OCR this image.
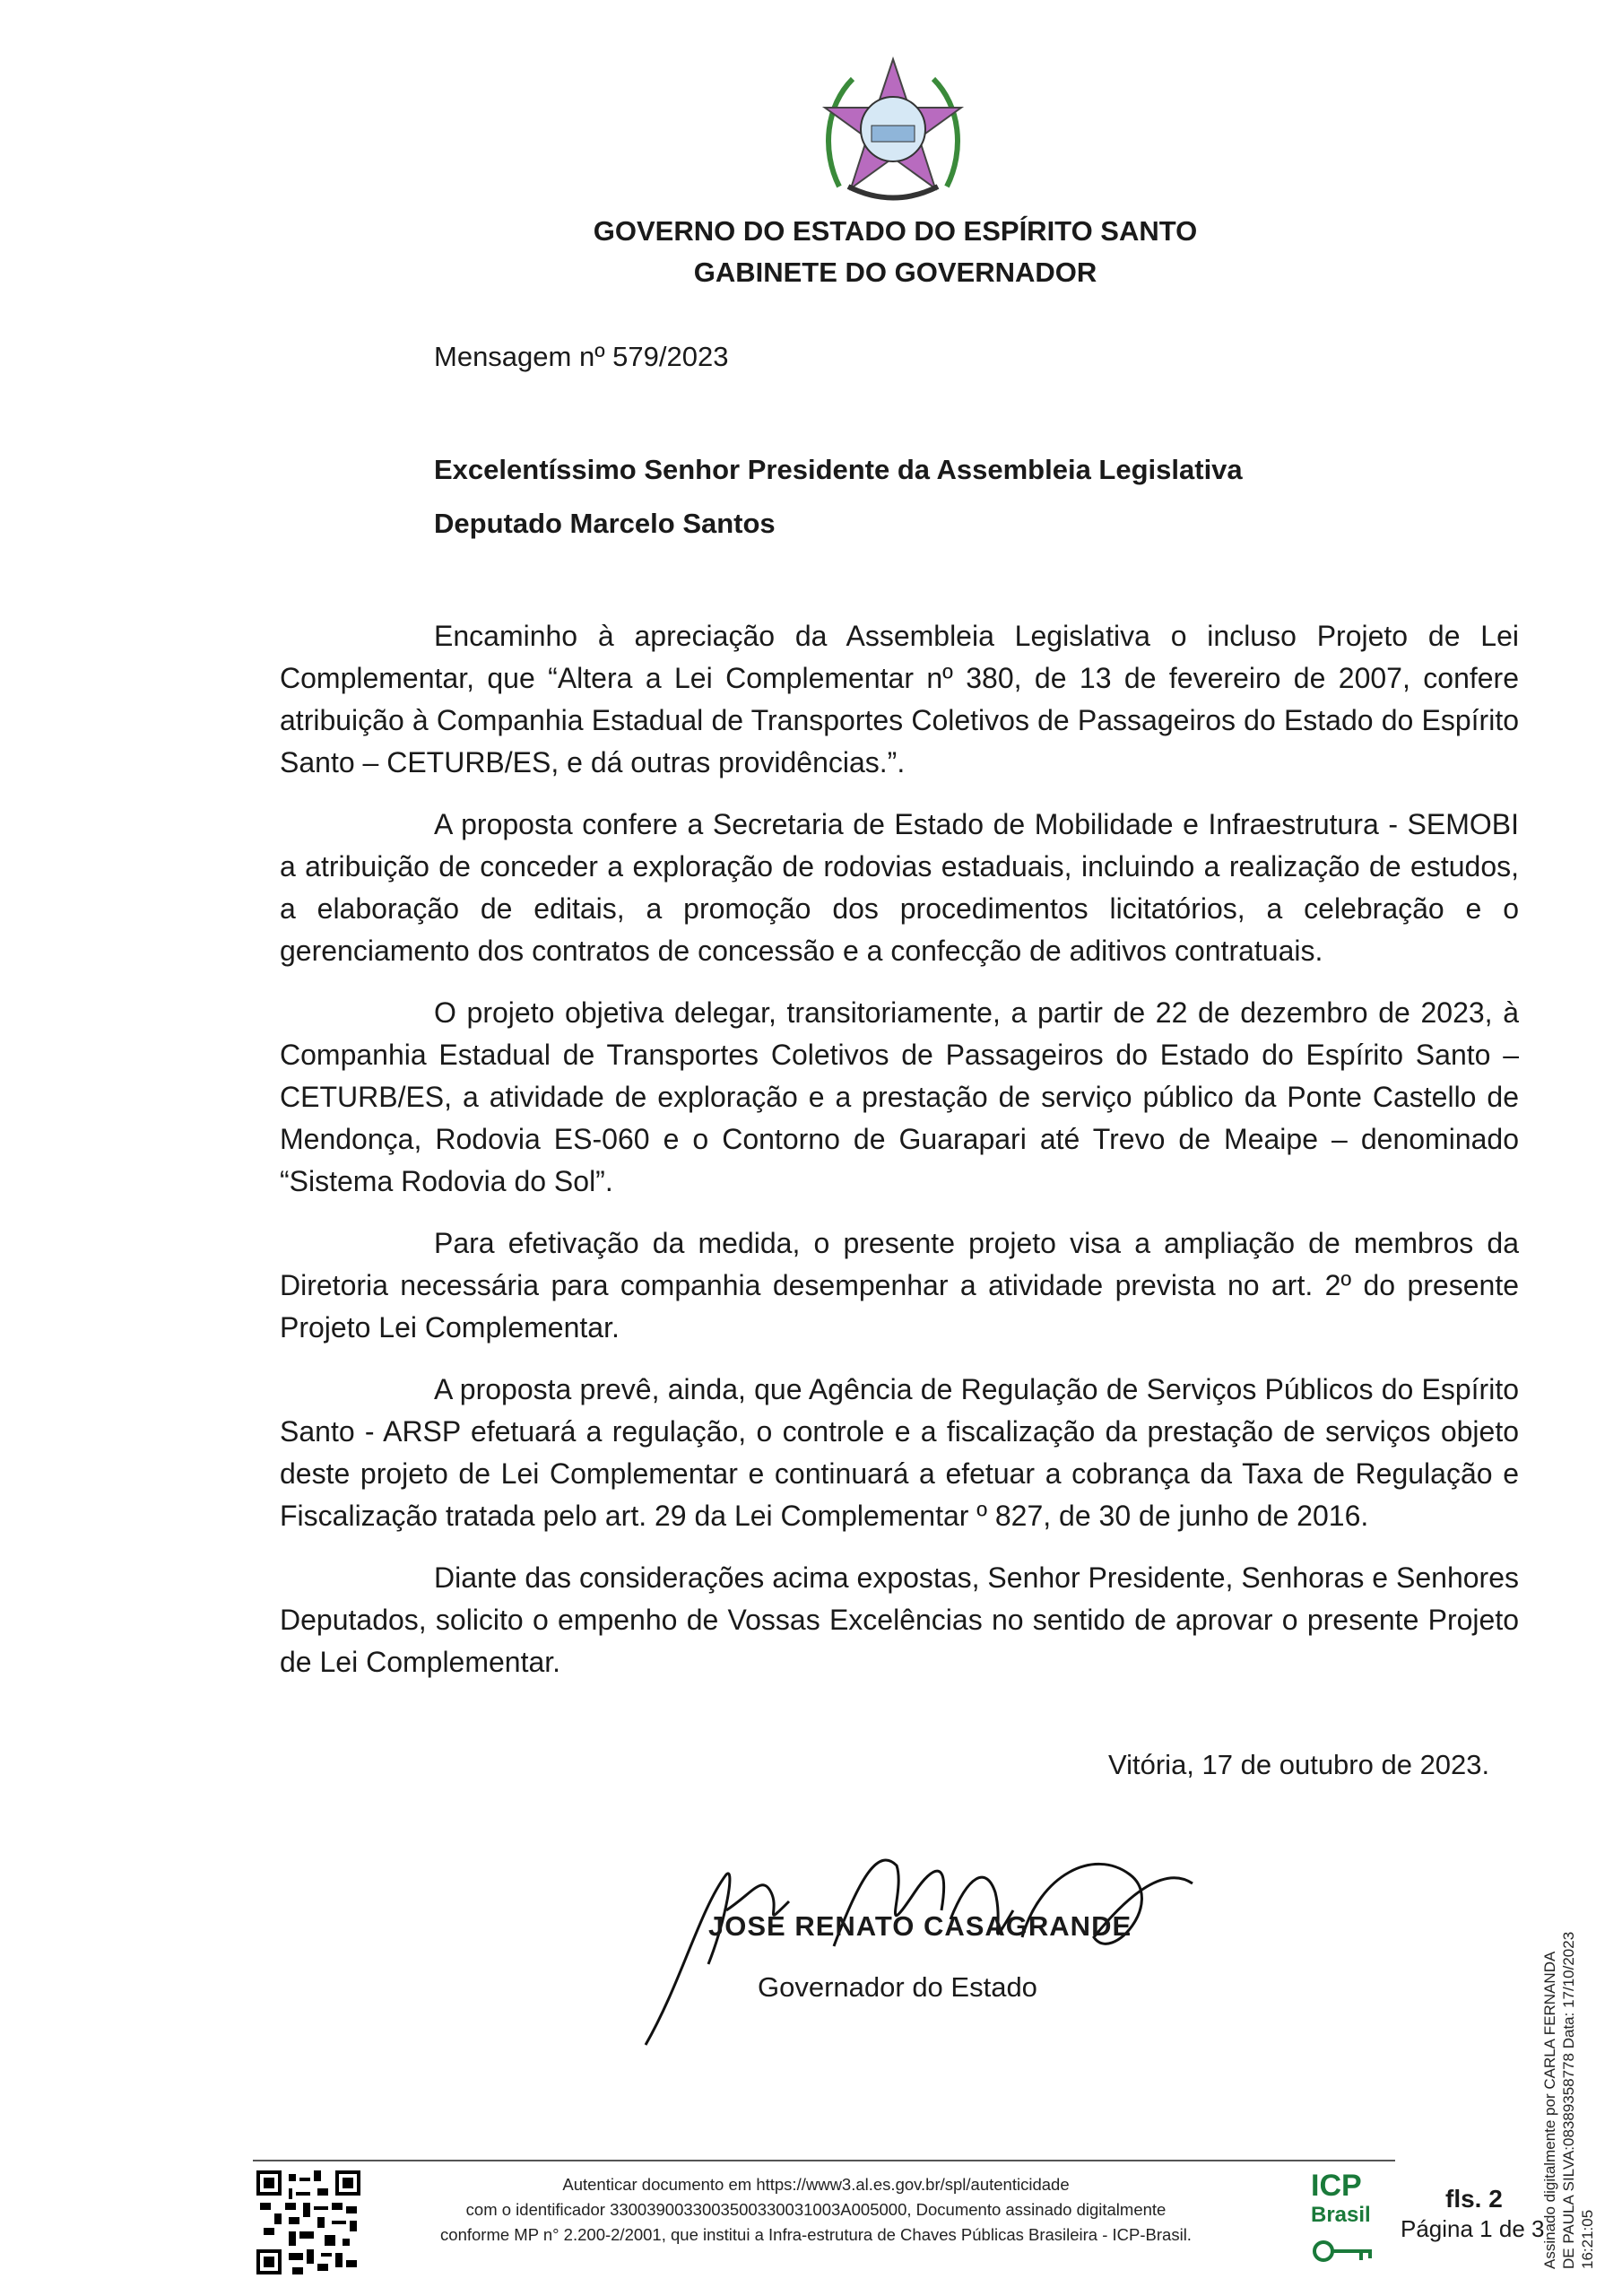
GOVERNO DO ESTADO DO ESPÍRITO SANTO
GABINETE DO GOVERNADOR
Mensagem nº 579/2023
Excelentíssimo Senhor Presidente da Assembleia Legislativa
Deputado Marcelo Santos

Encaminho à apreciação da Assembleia Legislativa o incluso Projeto de Lei Complementar, que “Altera a Lei Complementar nº 380, de 13 de fevereiro de 2007, confere atribuição à Companhia Estadual de Transportes Coletivos de Passageiros do Estado do Espírito Santo – CETURB/ES, e dá outras providências.”.

A proposta confere a Secretaria de Estado de Mobilidade e Infraestrutura - SEMOBI a atribuição de conceder a exploração de rodovias estaduais, incluindo a realização de estudos, a elaboração de editais, a promoção dos procedimentos licitatórios, a celebração e o gerenciamento dos contratos de concessão e a confecção de aditivos contratuais.

O projeto objetiva delegar, transitoriamente, a partir de 22 de dezembro de 2023, à Companhia Estadual de Transportes Coletivos de Passageiros do Estado do Espírito Santo – CETURB/ES, a atividade de exploração e a prestação de serviço público da Ponte Castello de Mendonça, Rodovia ES-060 e o Contorno de Guarapari até Trevo de Meaipe – denominado “Sistema Rodovia do Sol”.

Para efetivação da medida, o presente projeto visa a ampliação de membros da Diretoria necessária para companhia desempenhar a atividade prevista no art. 2º do presente Projeto Lei Complementar.

A proposta prevê, ainda, que Agência de Regulação de Serviços Públicos do Espírito Santo - ARSP efetuará a regulação, o controle e a fiscalização da prestação de serviços objeto deste projeto de Lei Complementar e continuará a efetuar a cobrança da Taxa de Regulação e Fiscalização tratada pelo art. 29 da Lei Complementar º 827, de 30 de junho de 2016.

Diante das considerações acima expostas, Senhor Presidente, Senhoras e Senhores Deputados, solicito o empenho de Vossas Excelências no sentido de aprovar o presente Projeto de Lei Complementar.

Vitória, 17 de outubro de 2023.
JOSÉ RENATO CASAGRANDE
Governador do Estado
Autenticar documento em https://www3.al.es.gov.br/spl/autenticidade
com o identificador 3300390033003500330031003A005000, Documento assinado digitalmente
conforme MP n° 2.200-2/2001, que institui a Infra-estrutura de Chaves Públicas Brasileira - ICP-Brasil.
ICP
Brasil
fls. 2
Página 1 de 3
Assinado digitalmente por CARLA FERNANDA DE PAULA SILVA:08389358778 Data: 17/10/2023 16:21:05
